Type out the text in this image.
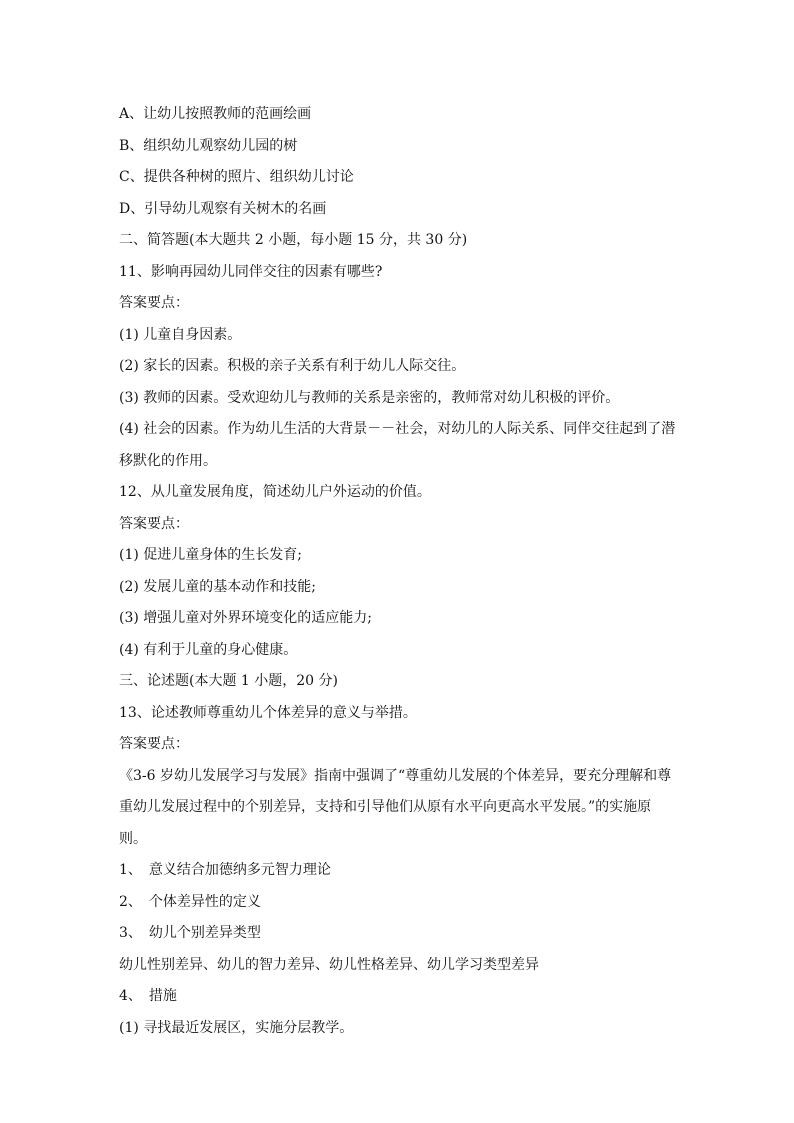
A、让幼儿按照教师的范画绘画

B、组织幼儿观察幼儿园的树

C、提供各种树的照片、组织幼儿讨论

D、引导幼儿观察有关树木的名画

二、简答题(本大题共 2 小题，每小题 15 分，共 30 分)

11、影响再园幼儿同伴交往的因素有哪些?

答案要点：

(1) 儿童自身因素。

(2) 家长的因素。积极的亲子关系有利于幼儿人际交往。

(3) 教师的因素。受欢迎幼儿与教师的关系是亲密的，教师常对幼儿积极的评价。

(4) 社会的因素。作为幼儿生活的大背景－－社会，对幼儿的人际关系、同伴交往起到了潜移默化的作用。

12、从儿童发展角度，简述幼儿户外运动的价值。

答案要点：

(1) 促进儿童身体的生长发育;

(2) 发展儿童的基本动作和技能;

(3) 增强儿童对外界环境变化的适应能力;

(4) 有利于儿童的身心健康。

三、论述题(本大题 1 小题，20 分)

13、论述教师尊重幼儿个体差异的意义与举措。

答案要点：

《3-6 岁幼儿发展学习与发展》指南中强调了“尊重幼儿发展的个体差异，要充分理解和尊重幼儿发展过程中的个别差异，支持和引导他们从原有水平向更高水平发展。”的实施原则。

1、　意义结合加德纳多元智力理论

2、　个体差异性的定义

3、　幼儿个别差异类型

幼儿性别差异、幼儿的智力差异、幼儿性格差异、幼儿学习类型差异

4、　措施

(1) 寻找最近发展区，实施分层教学。
